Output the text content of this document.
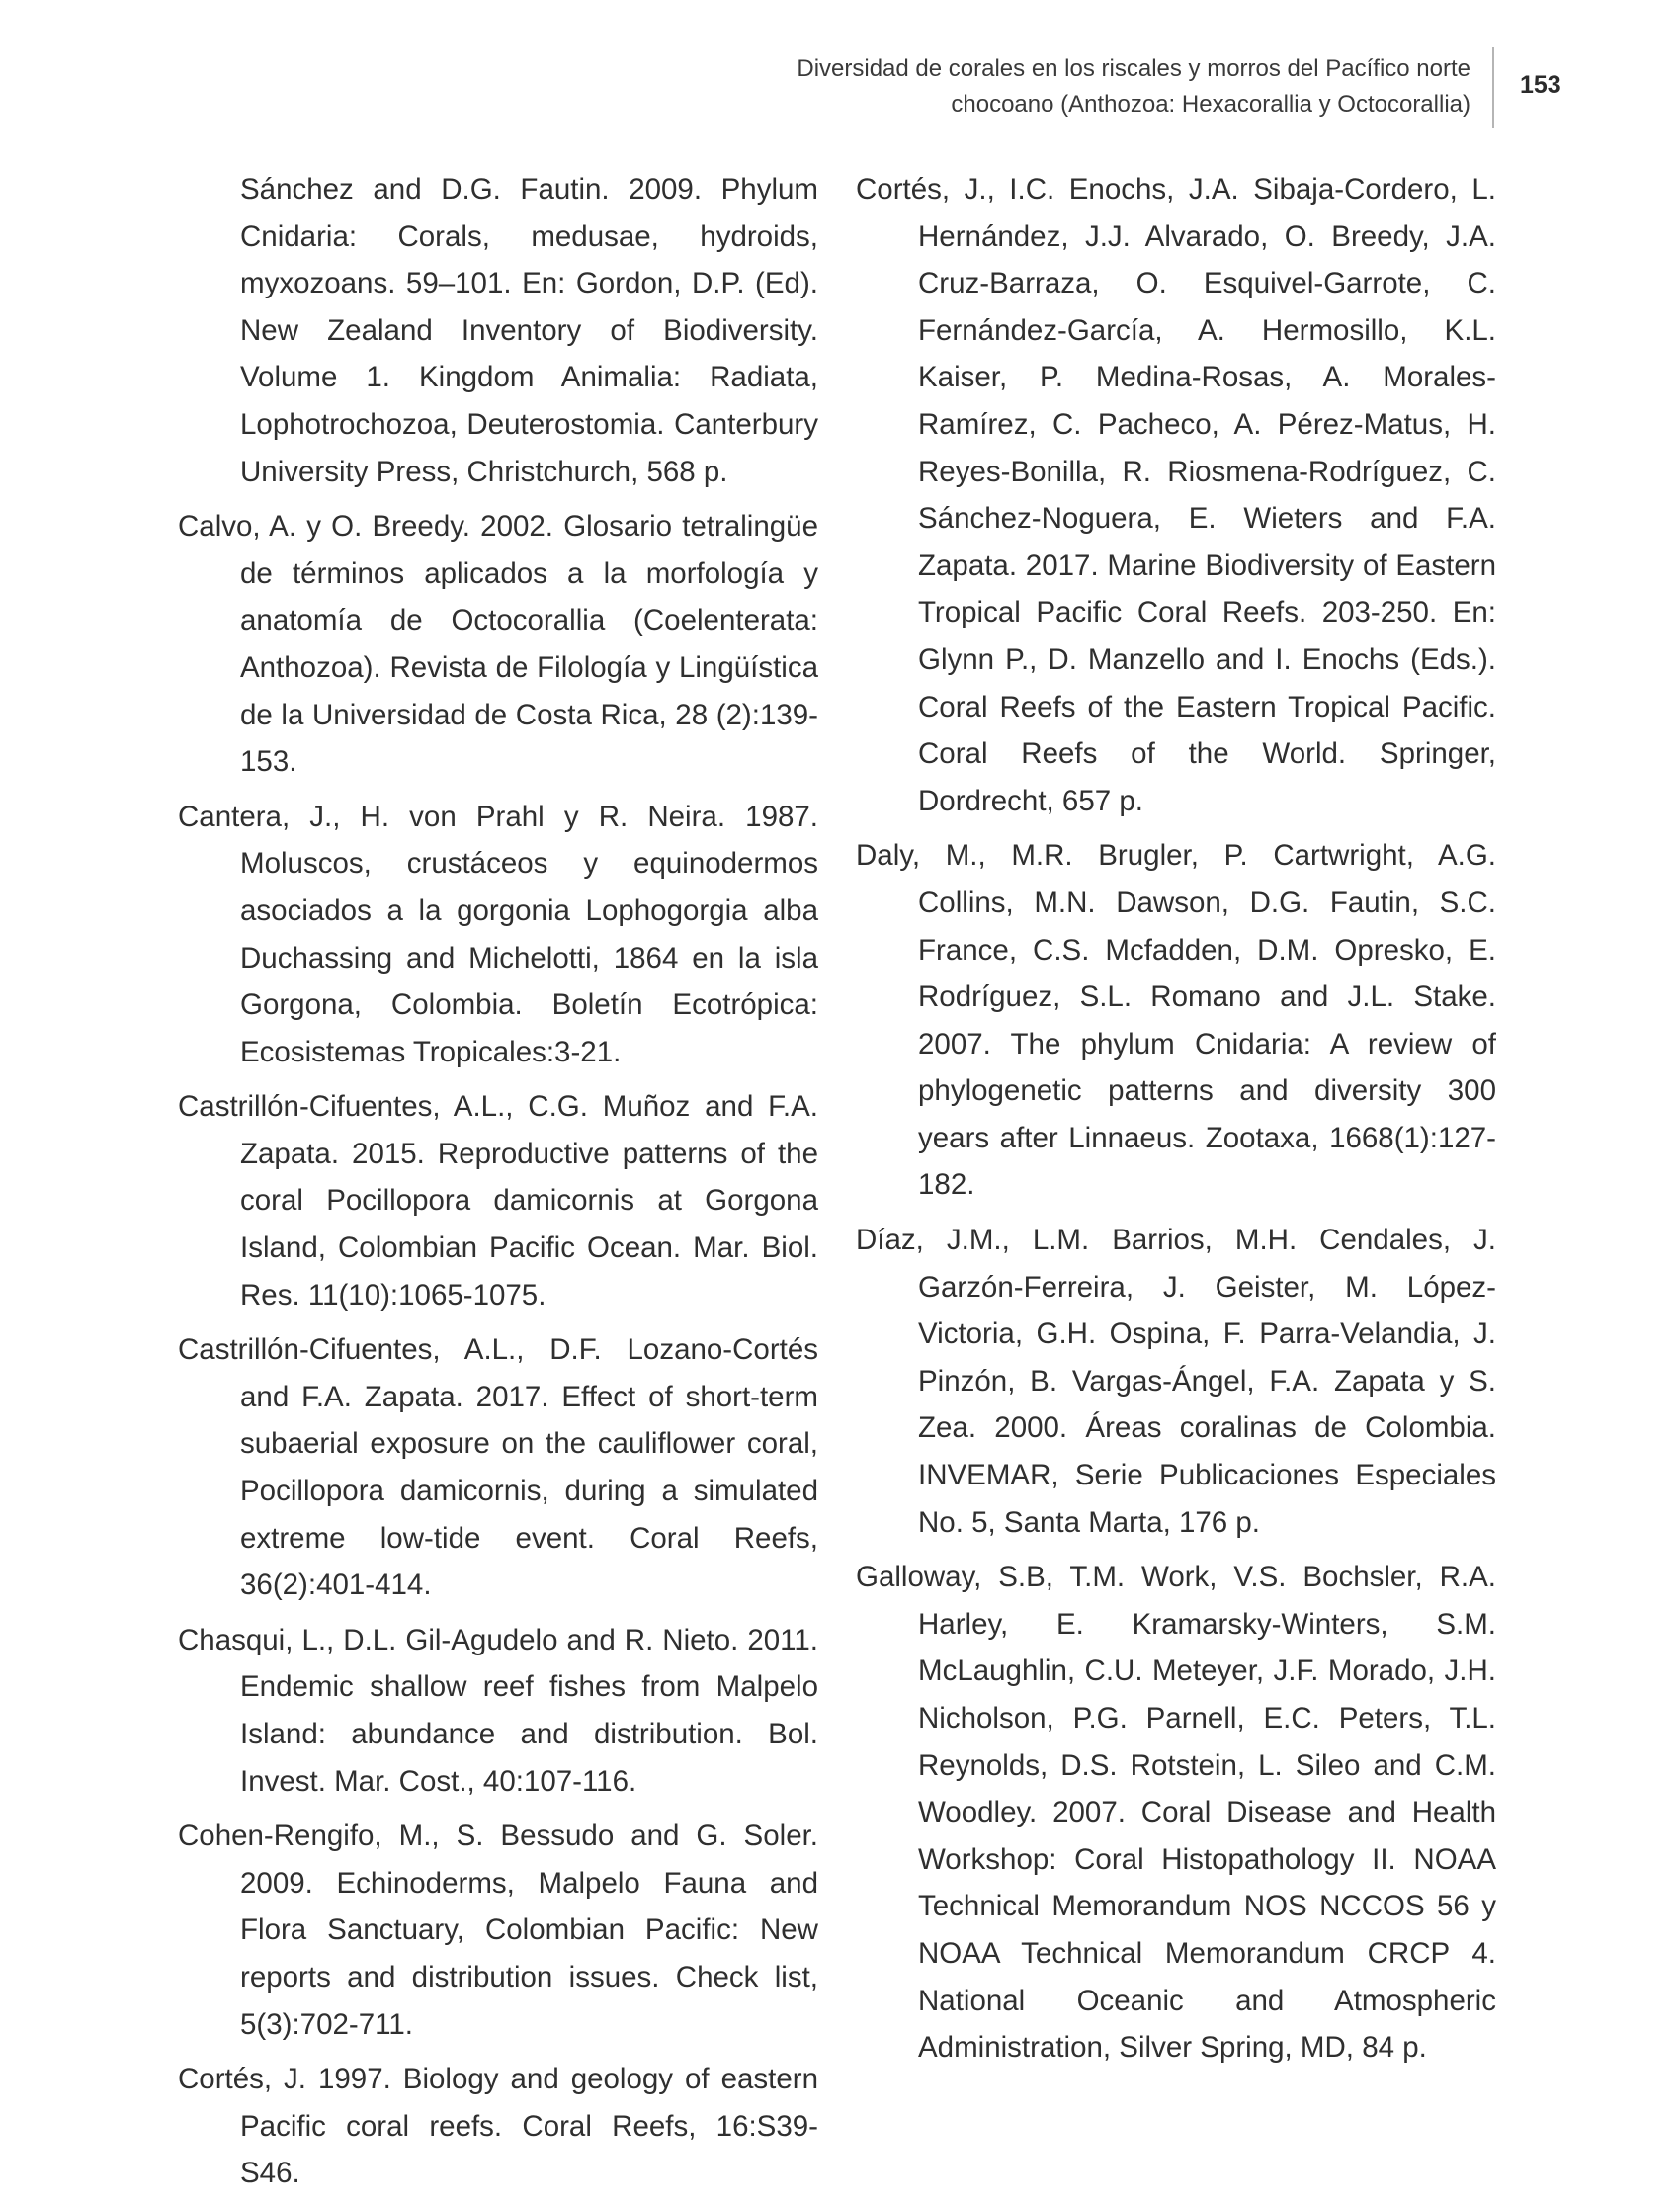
Diversidad de corales en los riscales y morros del Pacífico norte
chocoano (Anthozoa: Hexacorallia y Octocorallia)
153

Sánchez and D.G. Fautin. 2009. Phylum Cnidaria: Corals, medusae, hydroids, myxozoans. 59–101. En: Gordon, D.P. (Ed). New Zealand Inventory of Biodiversity. Volume 1. Kingdom Animalia: Radiata, Lophotrochozoa, Deuterostomia. Canterbury University Press, Christchurch, 568 p.

Calvo, A. y O. Breedy. 2002. Glosario tetralingüe de términos aplicados a la morfología y anatomía de Octocorallia (Coelenterata: Anthozoa). Revista de Filología y Lingüística de la Universidad de Costa Rica, 28 (2):139-153.

Cantera, J., H. von Prahl y R. Neira. 1987. Moluscos, crustáceos y equinodermos asociados a la gorgonia Lophogorgia alba Duchassing and Michelotti, 1864 en la isla Gorgona, Colombia. Boletín Ecotrópica: Ecosistemas Tropicales:3-21.

Castrillón-Cifuentes, A.L., C.G. Muñoz and F.A. Zapata. 2015. Reproductive patterns of the coral Pocillopora damicornis at Gorgona Island, Colombian Pacific Ocean. Mar. Biol. Res. 11(10):1065-1075.

Castrillón-Cifuentes, A.L., D.F. Lozano-Cortés and F.A. Zapata. 2017. Effect of short-term subaerial exposure on the cauliflower coral, Pocillopora damicornis, during a simulated extreme low-tide event. Coral Reefs, 36(2):401-414.

Chasqui, L., D.L. Gil-Agudelo and R. Nieto. 2011. Endemic shallow reef fishes from Malpelo Island: abundance and distribution. Bol. Invest. Mar. Cost., 40:107-116.

Cohen-Rengifo, M., S. Bessudo and G. Soler. 2009. Echinoderms, Malpelo Fauna and Flora Sanctuary, Colombian Pacific: New reports and distribution issues. Check list, 5(3):702-711.

Cortés, J. 1997. Biology and geology of eastern Pacific coral reefs. Coral Reefs, 16:S39-S46.

Cortés, J., I.C. Enochs, J.A. Sibaja-Cordero, L. Hernández, J.J. Alvarado, O. Breedy, J.A. Cruz-Barraza, O. Esquivel-Garrote, C. Fernández-García, A. Hermosillo, K.L. Kaiser, P. Medina-Rosas, A. Morales-Ramírez, C. Pacheco, A. Pérez-Matus, H. Reyes-Bonilla, R. Riosmena-Rodríguez, C. Sánchez-Noguera, E. Wieters and F.A. Zapata. 2017. Marine Biodiversity of Eastern Tropical Pacific Coral Reefs. 203-250. En: Glynn P., D. Manzello and I. Enochs (Eds.). Coral Reefs of the Eastern Tropical Pacific. Coral Reefs of the World. Springer, Dordrecht, 657 p.

Daly, M., M.R. Brugler, P. Cartwright, A.G. Collins, M.N. Dawson, D.G. Fautin, S.C. France, C.S. Mcfadden, D.M. Opresko, E. Rodríguez, S.L. Romano and J.L. Stake. 2007. The phylum Cnidaria: A review of phylogenetic patterns and diversity 300 years after Linnaeus. Zootaxa, 1668(1):127-182.

Díaz, J.M., L.M. Barrios, M.H. Cendales, J. Garzón-Ferreira, J. Geister, M. López-Victoria, G.H. Ospina, F. Parra-Velandia, J. Pinzón, B. Vargas-Ángel, F.A. Zapata y S. Zea. 2000. Áreas coralinas de Colombia. INVEMAR, Serie Publicaciones Especiales No. 5, Santa Marta, 176 p.

Galloway, S.B, T.M. Work, V.S. Bochsler, R.A. Harley, E. Kramarsky-Winters, S.M. McLaughlin, C.U. Meteyer, J.F. Morado, J.H. Nicholson, P.G. Parnell, E.C. Peters, T.L. Reynolds, D.S. Rotstein, L. Sileo and C.M. Woodley. 2007. Coral Disease and Health Workshop: Coral Histopathology II. NOAA Technical Memorandum NOS NCCOS 56 y NOAA Technical Memorandum CRCP 4. National Oceanic and Atmospheric Administration, Silver Spring, MD, 84 p.
